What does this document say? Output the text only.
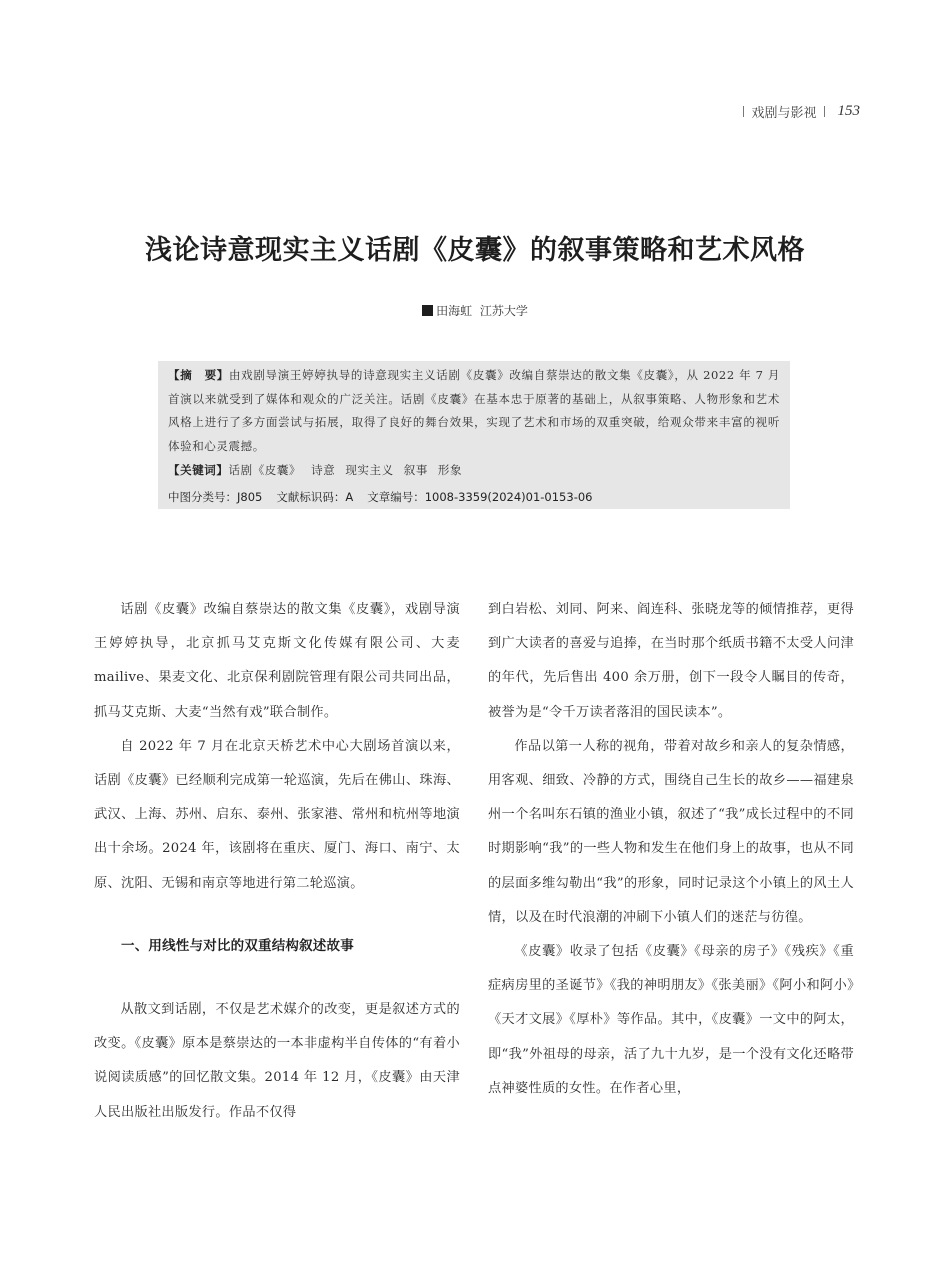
戏剧与影视 153
浅论诗意现实主义话剧《皮囊》的叙事策略和艺术风格
田海虹 江苏大学
【摘　要】由戏剧导演王婷婷执导的诗意现实主义话剧《皮囊》改编自蔡崇达的散文集《皮囊》，从 2022 年 7 月首演以来就受到了媒体和观众的广泛关注。话剧《皮囊》在基本忠于原著的基础上，从叙事策略、人物形象和艺术风格上进行了多方面尝试与拓展，取得了良好的舞台效果，实现了艺术和市场的双重突破，给观众带来丰富的视听体验和心灵震撼。
【关键词】话剧《皮囊》 诗意 现实主义 叙事 形象
中图分类号：J805 文献标识码：A 文章编号：1008-3359(2024)01-0153-06

话剧《皮囊》改编自蔡崇达的散文集《皮囊》，戏剧导演王婷婷执导，北京抓马艾克斯文化传媒有限公司、大麦 mailive、果麦文化、北京保利剧院管理有限公司共同出品，抓马艾克斯、大麦“当然有戏”联合制作。

自 2022 年 7 月在北京天桥艺术中心大剧场首演以来，话剧《皮囊》已经顺利完成第一轮巡演，先后在佛山、珠海、武汉、上海、苏州、启东、泰州、张家港、常州和杭州等地演出十余场。2024 年，该剧将在重庆、厦门、海口、南宁、太原、沈阳、无锡和南京等地进行第二轮巡演。

一、用线性与对比的双重结构叙述故事

从散文到话剧，不仅是艺术媒介的改变，更是叙述方式的改变。《皮囊》原本是蔡崇达的一本非虚构半自传体的“有着小说阅读质感”的回忆散文集。2014 年 12 月，《皮囊》由天津人民出版社出版发行。作品不仅得

到白岩松、刘同、阿来、阎连科、张晓龙等的倾情推荐，更得到广大读者的喜爱与追捧，在当时那个纸质书籍不太受人问津的年代，先后售出 400 余万册，创下一段令人瞩目的传奇，被誉为是“令千万读者落泪的国民读本”。

作品以第一人称的视角，带着对故乡和亲人的复杂情感，用客观、细致、冷静的方式，围绕自己生长的故乡——福建泉州一个名叫东石镇的渔业小镇，叙述了“我”成长过程中的不同时期影响“我”的一些人物和发生在他们身上的故事，也从不同的层面多维勾勒出“我”的形象，同时记录这个小镇上的风土人情，以及在时代浪潮的冲刷下小镇人们的迷茫与彷徨。

《皮囊》收录了包括《皮囊》《母亲的房子》《残疾》《重症病房里的圣诞节》《我的神明朋友》《张美丽》《阿小和阿小》《天才文展》《厚朴》等作品。其中，《皮囊》一文中的阿太，即“我”外祖母的母亲，活了九十九岁，是一个没有文化还略带点神婆性质的女性。在作者心里，
